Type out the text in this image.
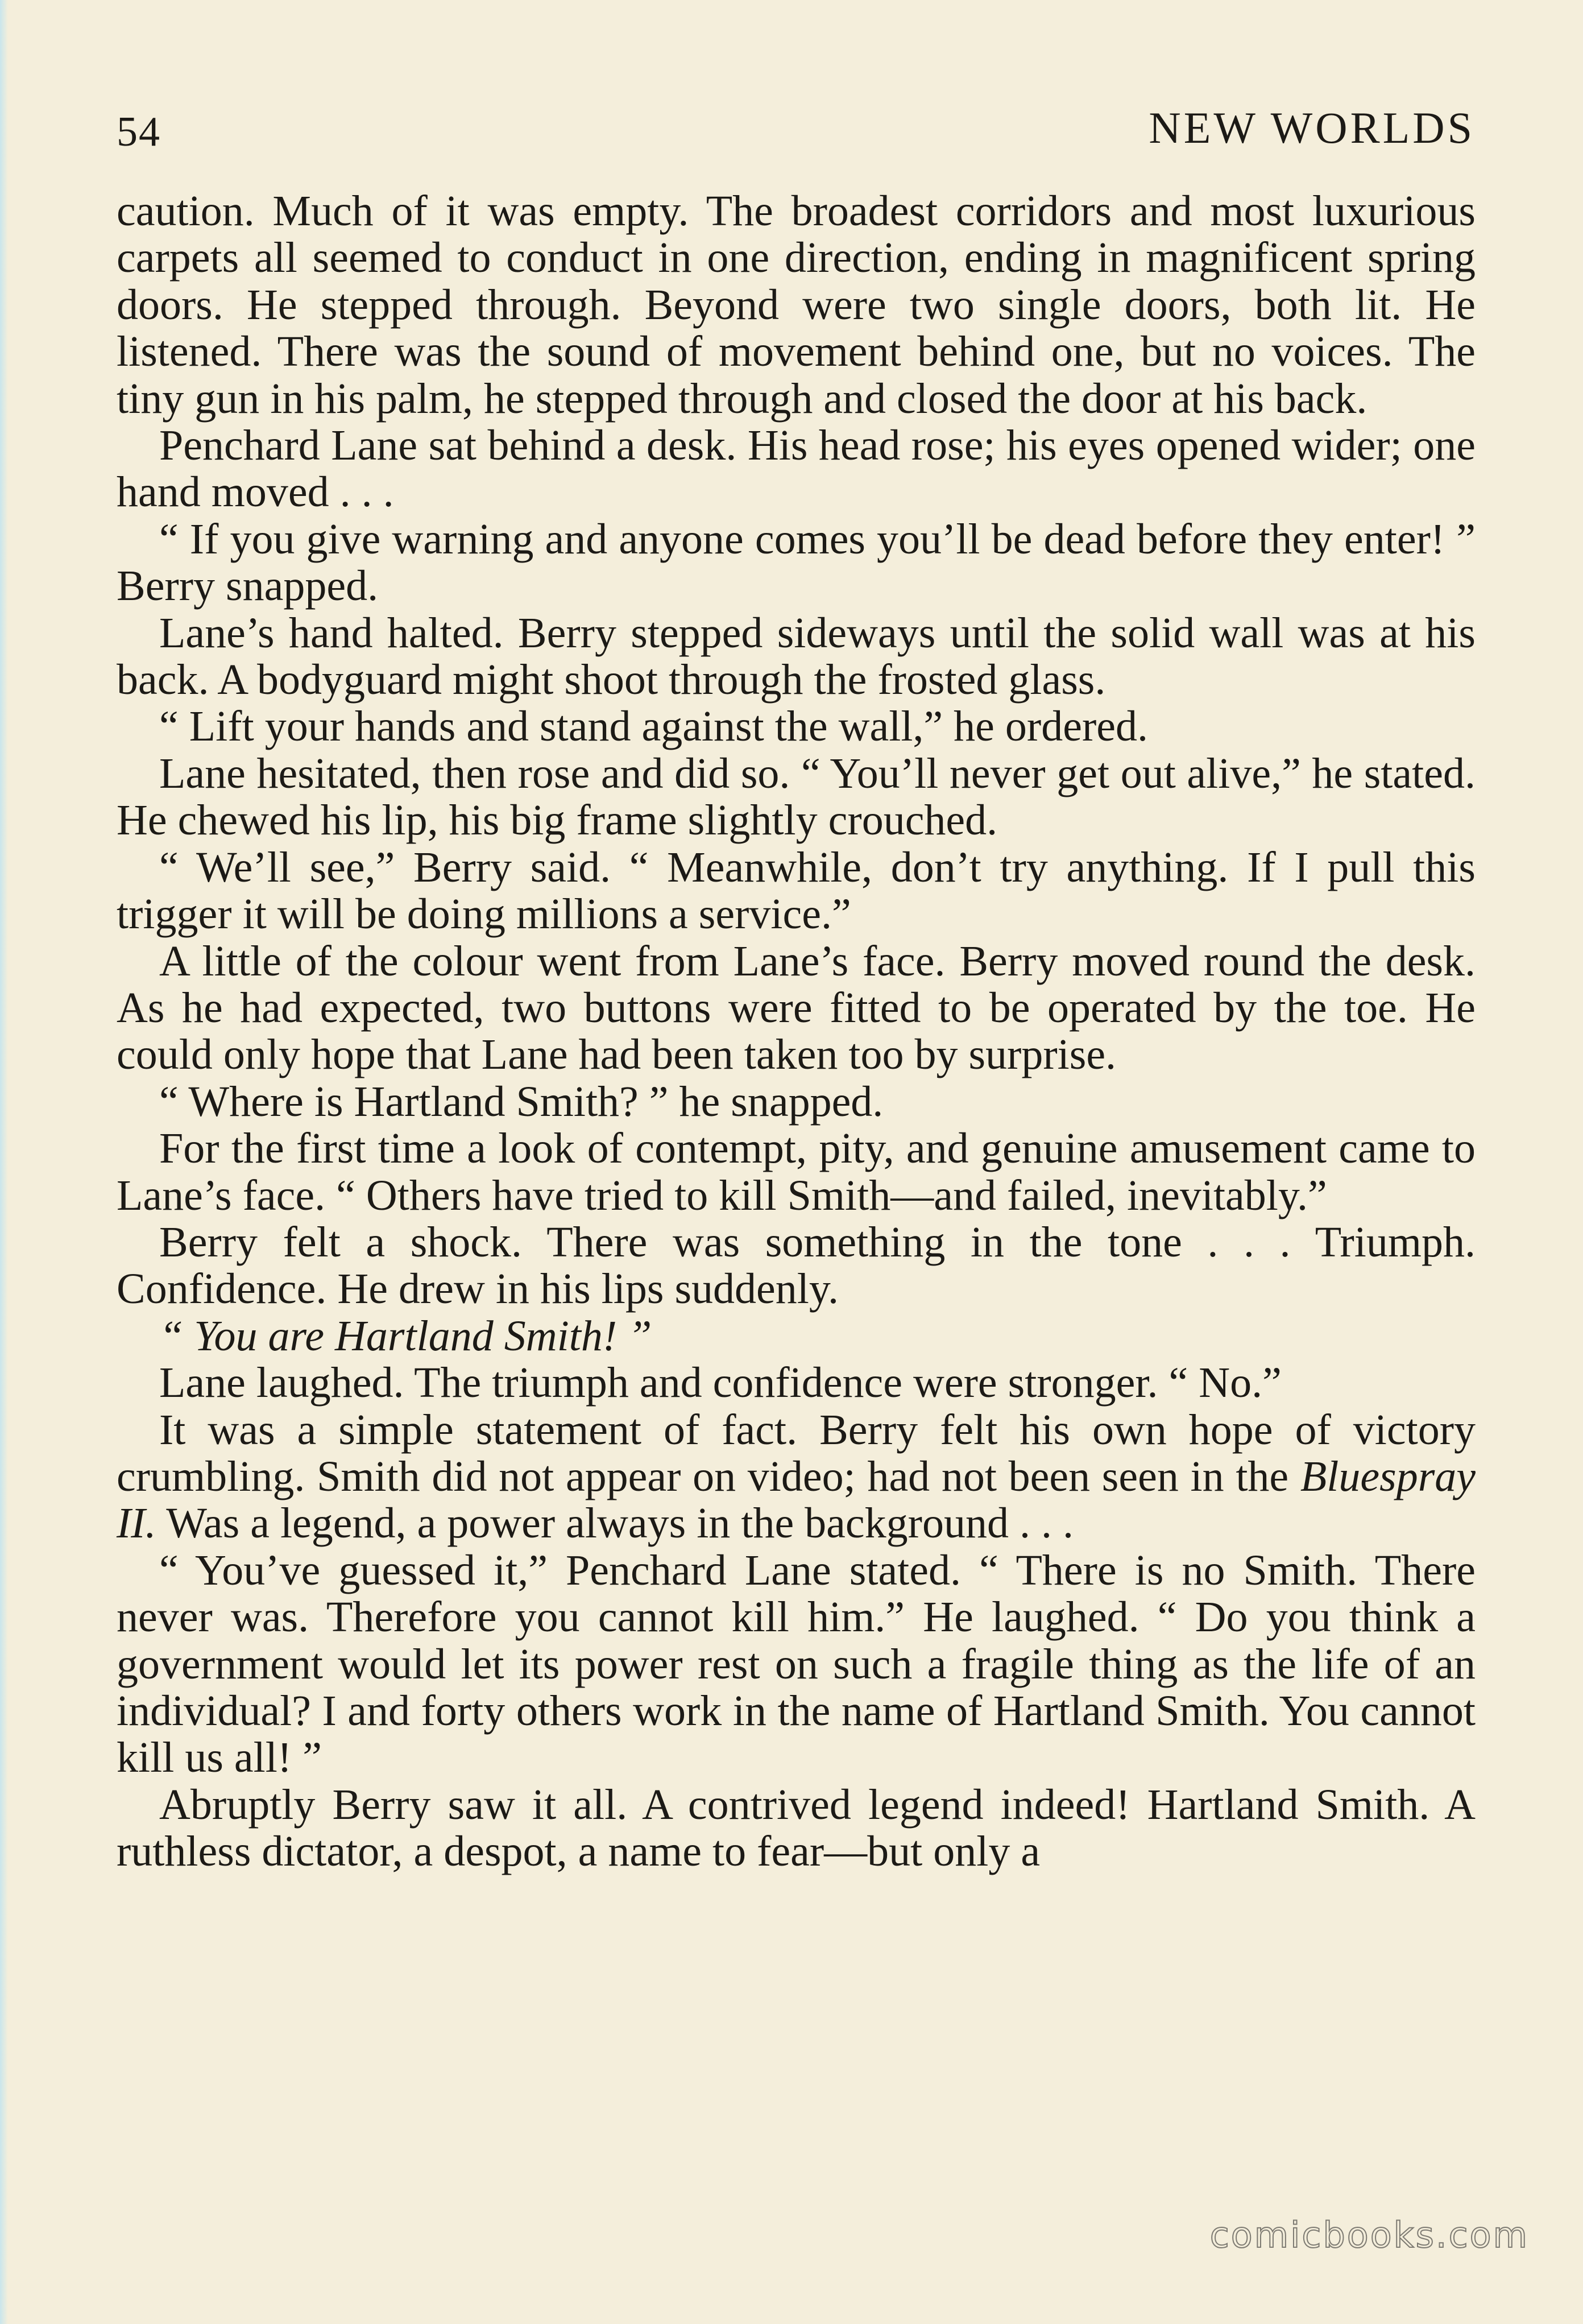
54	NEW WORLDS

caution. Much of it was empty. The broadest corridors and most luxurious carpets all seemed to conduct in one direction, ending in magnificent spring doors. He stepped through. Beyond were two single doors, both lit. He listened. There was the sound of movement behind one, but no voices. The tiny gun in his palm, he stepped through and closed the door at his back.

Penchard Lane sat behind a desk. His head rose; his eyes opened wider; one hand moved . . .

“ If you give warning and anyone comes you’ll be dead before they enter! ” Berry snapped.

Lane’s hand halted. Berry stepped sideways until the solid wall was at his back. A bodyguard might shoot through the frosted glass.

“ Lift your hands and stand against the wall,” he ordered.

Lane hesitated, then rose and did so. “ You’ll never get out alive,” he stated. He chewed his lip, his big frame slightly crouched.

“ We’ll see,” Berry said. “ Meanwhile, don’t try anything. If I pull this trigger it will be doing millions a service.”

A little of the colour went from Lane’s face. Berry moved round the desk. As he had expected, two buttons were fitted to be operated by the toe. He could only hope that Lane had been taken too by surprise.

“ Where is Hartland Smith? ” he snapped.

For the first time a look of contempt, pity, and genuine amusement came to Lane’s face. “ Others have tried to kill Smith—and failed, inevitably.”

Berry felt a shock. There was something in the tone . . . Triumph. Confidence. He drew in his lips suddenly.

“ You are Hartland Smith! ”

Lane laughed. The triumph and confidence were stronger. “ No.”

It was a simple statement of fact. Berry felt his own hope of victory crumbling. Smith did not appear on video; had not been seen in the Bluespray II. Was a legend, a power always in the background . . .

“ You’ve guessed it,” Penchard Lane stated. “ There is no Smith. There never was. Therefore you cannot kill him.” He laughed. “ Do you think a government would let its power rest on such a fragile thing as the life of an individual? I and forty others work in the name of Hartland Smith. You cannot kill us all! ”

Abruptly Berry saw it all. A contrived legend indeed! Hartland Smith. A ruthless dictator, a despot, a name to fear—but only a

comicbooks.com
